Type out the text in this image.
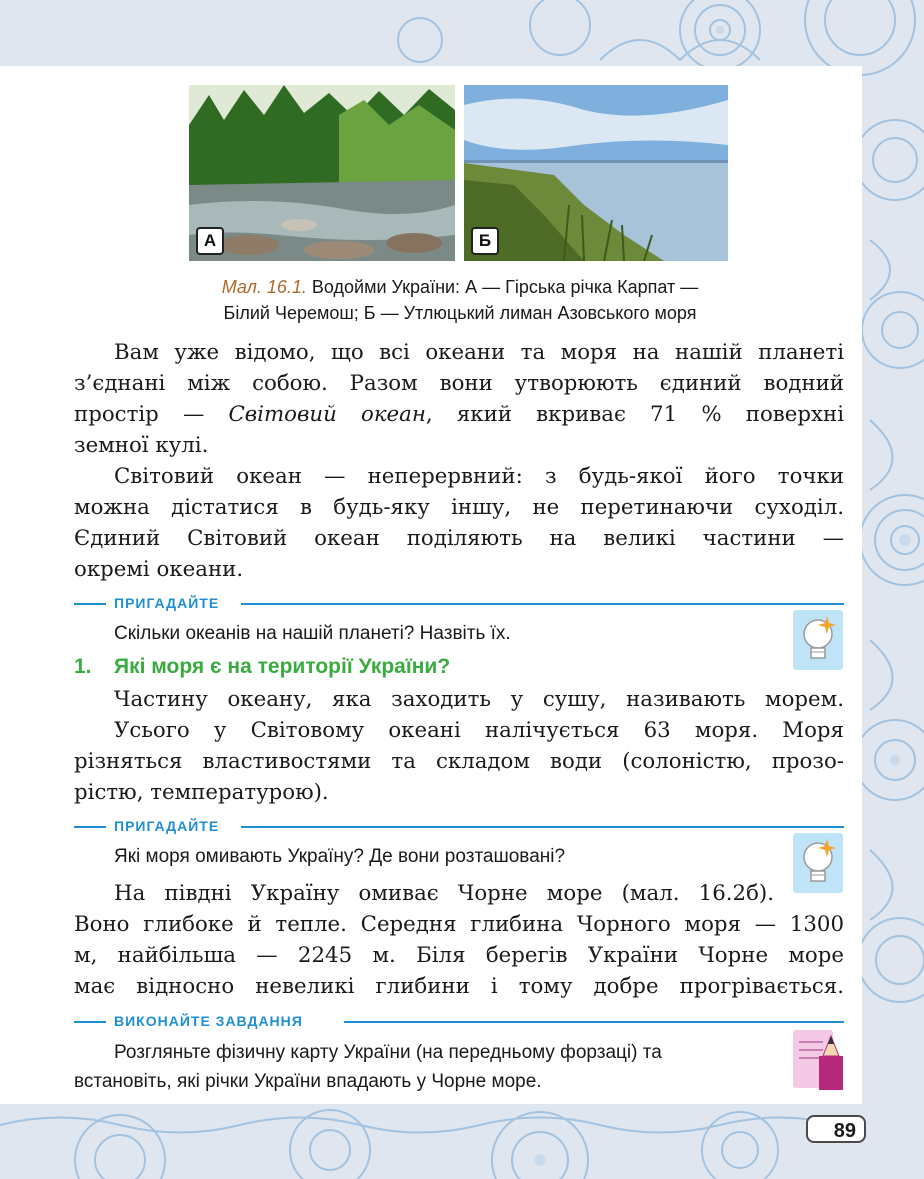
А	Б
Мал. 16.1. Водойми України: А — Гірська річка Карпат —
Білий Черемош; Б — Утлюцький лиман Азовського моря
Вам уже відомо, що всі океани та моря на нашій планеті
з’єднані між собою. Разом вони утворюють єдиний водний
простір — Світовий океан, який вкриває 71 % поверхні
земної кулі.
Світовий океан — неперервний: з будь-якої його точки
можна дістатися в будь-яку іншу, не перетинаючи суходіл.
Єдиний Світовий океан поділяють на великі частини —
окремі океани.
ПРИГАДАЙТЕ
Скільки океанів на нашій планеті? Назвіть їх.
1. Які моря є на території України?
Частину океану, яка заходить у сушу, називають морем.
Усього у Світовому океані налічується 63 моря. Моря
різняться властивостями та складом води (солоністю, прозо-
рістю, температурою).
ПРИГАДАЙТЕ
Які моря омивають Україну? Де вони розташовані?
На півдні Україну омиває Чорне море (мал. 16.2б).
Воно глибоке й тепле. Середня глибина Чорного моря — 1300
м, найбільша — 2245 м. Біля берегів України Чорне море
має відносно невеликі глибини і тому добре прогрівається.
ВИКОНАЙТЕ ЗАВДАННЯ
Розгляньте фізичну карту України (на передньому форзаці) та
встановіть, які річки України впадають у Чорне море.
89
